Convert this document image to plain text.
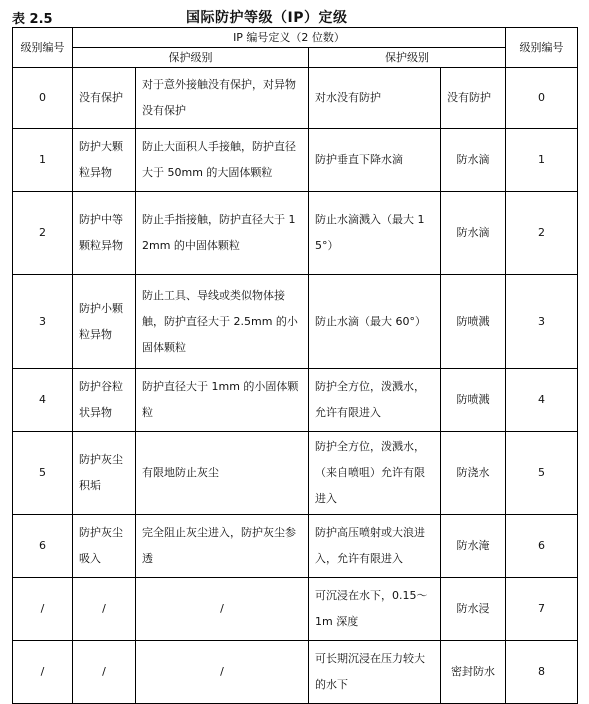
表 2.5	国际防护等级（IP）定级
级别编号	IP 编号定义（2 位数）				级别编号
	保护级别		保护级别		
0	没有保护	对于意外接触没有保护，对异物没有保护	对水没有防护	没有防护	0
1	防护大颗粒异物	防止大面积人手接触，防护直径大于 50mm 的大固体颗粒	防护垂直下降水滴	防水滴	1
2	防护中等颗粒异物	防止手指接触，防护直径大于 12mm 的中固体颗粒	防止水滴溅入（最大 15°）	防水滴	2
3	防护小颗粒异物	防止工具、导线或类似物体接触，防护直径大于 2.5mm 的小固体颗粒	防止水滴（最大 60°）	防喷溅	3
4	防护谷粒状异物	防护直径大于 1mm 的小固体颗粒	防护全方位，泼溅水，允许有限进入	防喷溅	4
5	防护灰尘积垢	有限地防止灰尘	防护全方位，泼溅水，（来自喷咀）允许有限进入	防浇水	5
6	防护灰尘吸入	完全阻止灰尘进入，防护灰尘参透	防护高压喷射或大浪进入，允许有限进入	防水淹	6
/	/	/	可沉浸在水下，0.15～1m 深度	防水浸	7
/	/	/	可长期沉浸在压力较大的水下	密封防水	8
